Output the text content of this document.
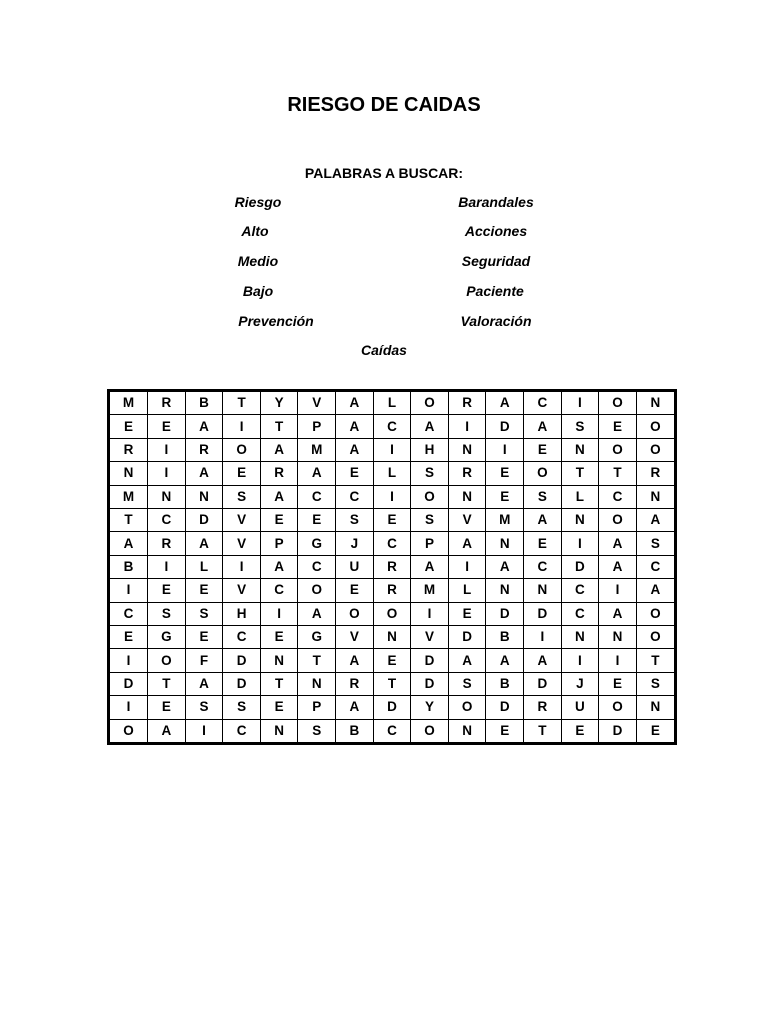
RIESGO DE CAIDAS
PALABRAS A BUSCAR:
Riesgo	Barandales
Alto	Acciones
Medio	Seguridad
Bajo	Paciente
Prevención	Valoración
Caídas
M	R	B	T	Y	V	A	L	O	R	A	C	I	O	N
E	E	A	I	T	P	A	C	A	I	D	A	S	E	O
R	I	R	O	A	M	A	I	H	N	I	E	N	O	O
N	I	A	E	R	A	E	L	S	R	E	O	T	T	R
M	N	N	S	A	C	C	I	O	N	E	S	L	C	N
T	C	D	V	E	E	S	E	S	V	M	A	N	O	A
A	R	A	V	P	G	J	C	P	A	N	E	I	A	S
B	I	L	I	A	C	U	R	A	I	A	C	D	A	C
I	E	E	V	C	O	E	R	M	L	N	N	C	I	A
C	S	S	H	I	A	O	O	I	E	D	D	C	A	O
E	G	E	C	E	G	V	N	V	D	B	I	N	N	O
I	O	F	D	N	T	A	E	D	A	A	A	I	I	T
D	T	A	D	T	N	R	T	D	S	B	D	J	E	S
I	E	S	S	E	P	A	D	Y	O	D	R	U	O	N
O	A	I	C	N	S	B	C	O	N	E	T	E	D	E
